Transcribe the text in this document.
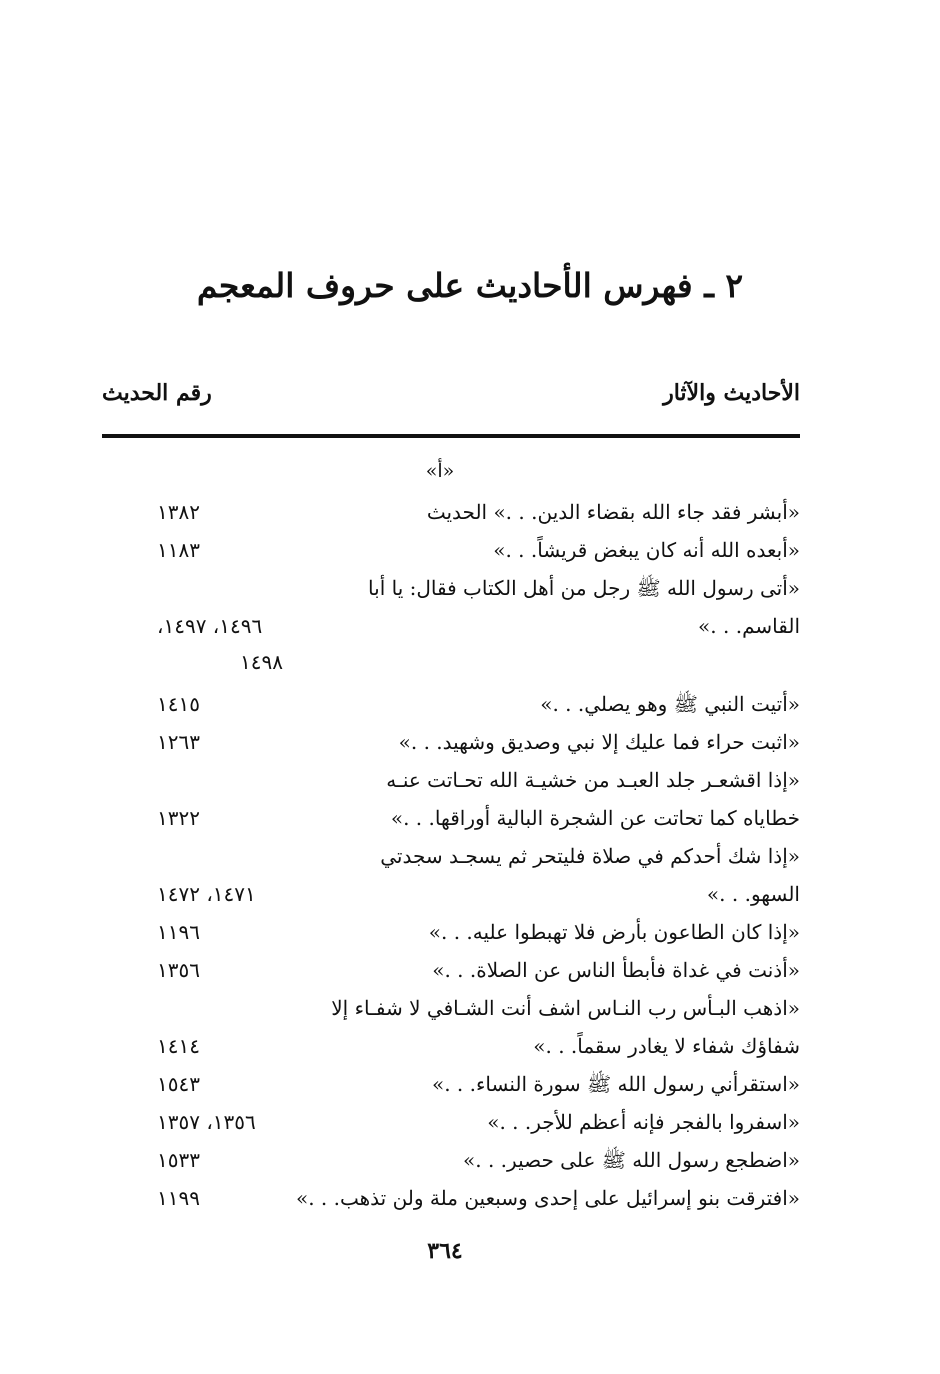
٢ ـ فهرس الأحاديث على حروف المعجم
الأحاديث والآثار
رقم الحديث
«أ»
«أبشر فقد جاء الله بقضاء الدين. . .» الحديث
١٣٨٢
«أبعده الله أنه كان يبغض قريشاً. . .»
١١٨٣
«أتى رسول الله ﷺ رجل من أهل الكتاب فقال: يا أبا
القاسم. . .»
١٤٩٦، ١٤٩٧،
١٤٩٨
«أتيت النبي ﷺ وهو يصلي. . .»
١٤١٥
«اثبت حراء فما عليك إلا نبي وصديق وشهيد. . .»
١٢٦٣
«إذا اقشعـر جلد العبـد من خشيـة الله تحـاتت عنـه
خطاياه كما تحاتت عن الشجرة البالية أوراقها. . .»
١٣٢٢
«إذا شك أحدكم في صلاة فليتحر ثم يسجـد سجدتي
السهو. . .»
١٤٧١، ١٤٧٢
«إذا كان الطاعون بأرض فلا تهبطوا عليه. . .»
١١٩٦
«أذنت في غداة فأبطأ الناس عن الصلاة. . .»
١٣٥٦
«اذهب البـأس رب النـاس اشف أنت الشـافي لا شفـاء إلا
شفاؤك شفاء لا يغادر سقماً. . .»
١٤١٤
«استقرأني رسول الله ﷺ سورة النساء. . .»
١٥٤٣
«اسفروا بالفجر فإنه أعظم للأجر. . .»
١٣٥٦، ١٣٥٧
«اضطجع رسول الله ﷺ على حصير. . .»
١٥٣٣
«افترقت بنو إسرائيل على إحدى وسبعين ملة ولن تذهب. . .»
١١٩٩
٣٦٤
